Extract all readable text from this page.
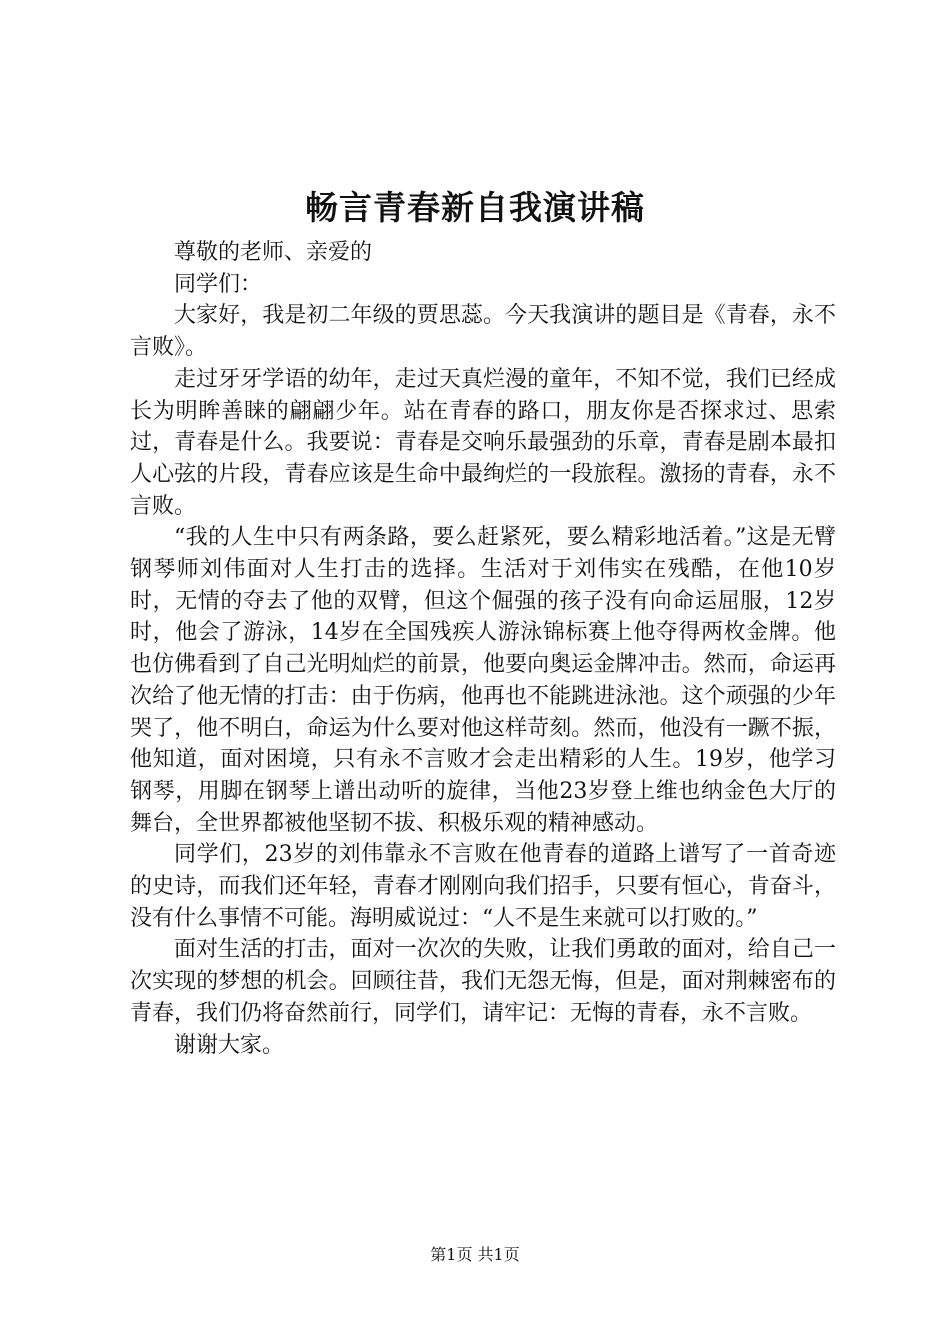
畅言青春新自我演讲稿

尊敬的老师、亲爱的

同学们：

大家好，我是初二年级的贾思蕊。今天我演讲的题目是《青春，永不言败》。

走过牙牙学语的幼年，走过天真烂漫的童年，不知不觉，我们已经成长为明眸善睐的翩翩少年。站在青春的路口，朋友你是否探求过、思索过，青春是什么。我要说：青春是交响乐最强劲的乐章，青春是剧本最扣人心弦的片段，青春应该是生命中最绚烂的一段旅程。激扬的青春，永不言败。

“我的人生中只有两条路，要么赶紧死，要么精彩地活着。”这是无臂钢琴师刘伟面对人生打击的选择。生活对于刘伟实在残酷，在他10岁时，无情的夺去了他的双臂，但这个倔强的孩子没有向命运屈服，12岁时，他会了游泳，14岁在全国残疾人游泳锦标赛上他夺得两枚金牌。他也仿佛看到了自己光明灿烂的前景，他要向奥运金牌冲击。然而，命运再次给了他无情的打击：由于伤病，他再也不能跳进泳池。这个顽强的少年哭了，他不明白，命运为什么要对他这样苛刻。然而，他没有一蹶不振，他知道，面对困境，只有永不言败才会走出精彩的人生。19岁，他学习钢琴，用脚在钢琴上谱出动听的旋律，当他23岁登上维也纳金色大厅的舞台，全世界都被他坚韧不拔、积极乐观的精神感动。

同学们，23岁的刘伟靠永不言败在他青春的道路上谱写了一首奇迹的史诗，而我们还年轻，青春才刚刚向我们招手，只要有恒心，肯奋斗，没有什么事情不可能。海明威说过：“人不是生来就可以打败的。”

面对生活的打击，面对一次次的失败，让我们勇敢的面对，给自己一次实现的梦想的机会。回顾往昔，我们无怨无悔，但是，面对荆棘密布的青春，我们仍将奋然前行，同学们，请牢记：无悔的青春，永不言败。

谢谢大家。

第1页 共1页
